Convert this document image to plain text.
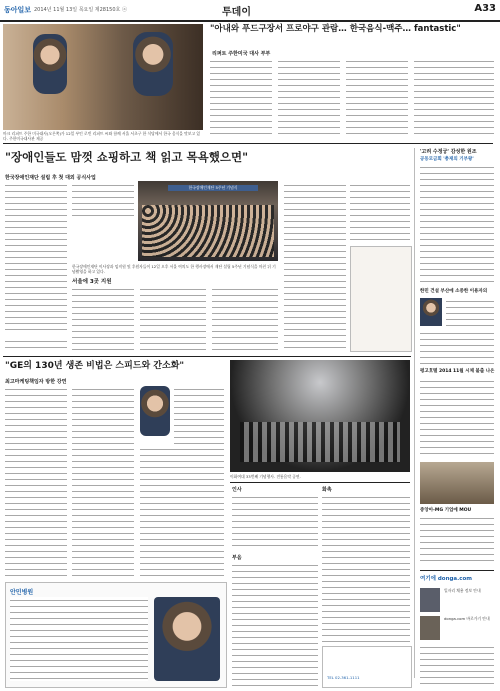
동아일보 2014년 11월 13일 목요일 제28150호 ⓐ	투데이	A33
마크 리퍼트 주한 미국대사(오른쪽)가 12일 부인 로빈 리퍼트 씨와 함께 서울 서초구 한 식당에서 한국 음식을 맛보고 있다. 주한미국대사관 제공
"아내와 푸드구장서 프로야구 관람… 한국음식-맥주… fantastic"
리퍼트 주한미국 대사 부부
"장애인들도 맘껏 쇼핑하고 책 읽고 목욕했으면"
한국장애인재단 설립 후 첫 대외 공식사업
'고려 수정궁' 감성한 원조
공동모금회 '총재의 기부왕'
한민 건설 부산에 소중한 이용자의
평고호텔 2014 11월 시체 불출 나온
중앙아-MG 기업에 MOU
여기에 donga.com
일자리 채용 정보 안내
donga.com 바로가기 안내
한국장애인재단 5주년 기념식
한국장애인재단 이사장과 임직원 및 후원자들이 12일 오후 서울 여의도 한 행사장에서 재단 설립 5주년 기념식을 마친 뒤 기념촬영을 하고 있다.
서울에 3곳 지원
"GE의 130년 생존 비법은 스피드와 간소화"
최고마케팅책임자 방한 강연
이화여대 33번째 기념행사. 전통음악 공연.
인사
부음
화촉
TEL 02-361-1111
안민병원
